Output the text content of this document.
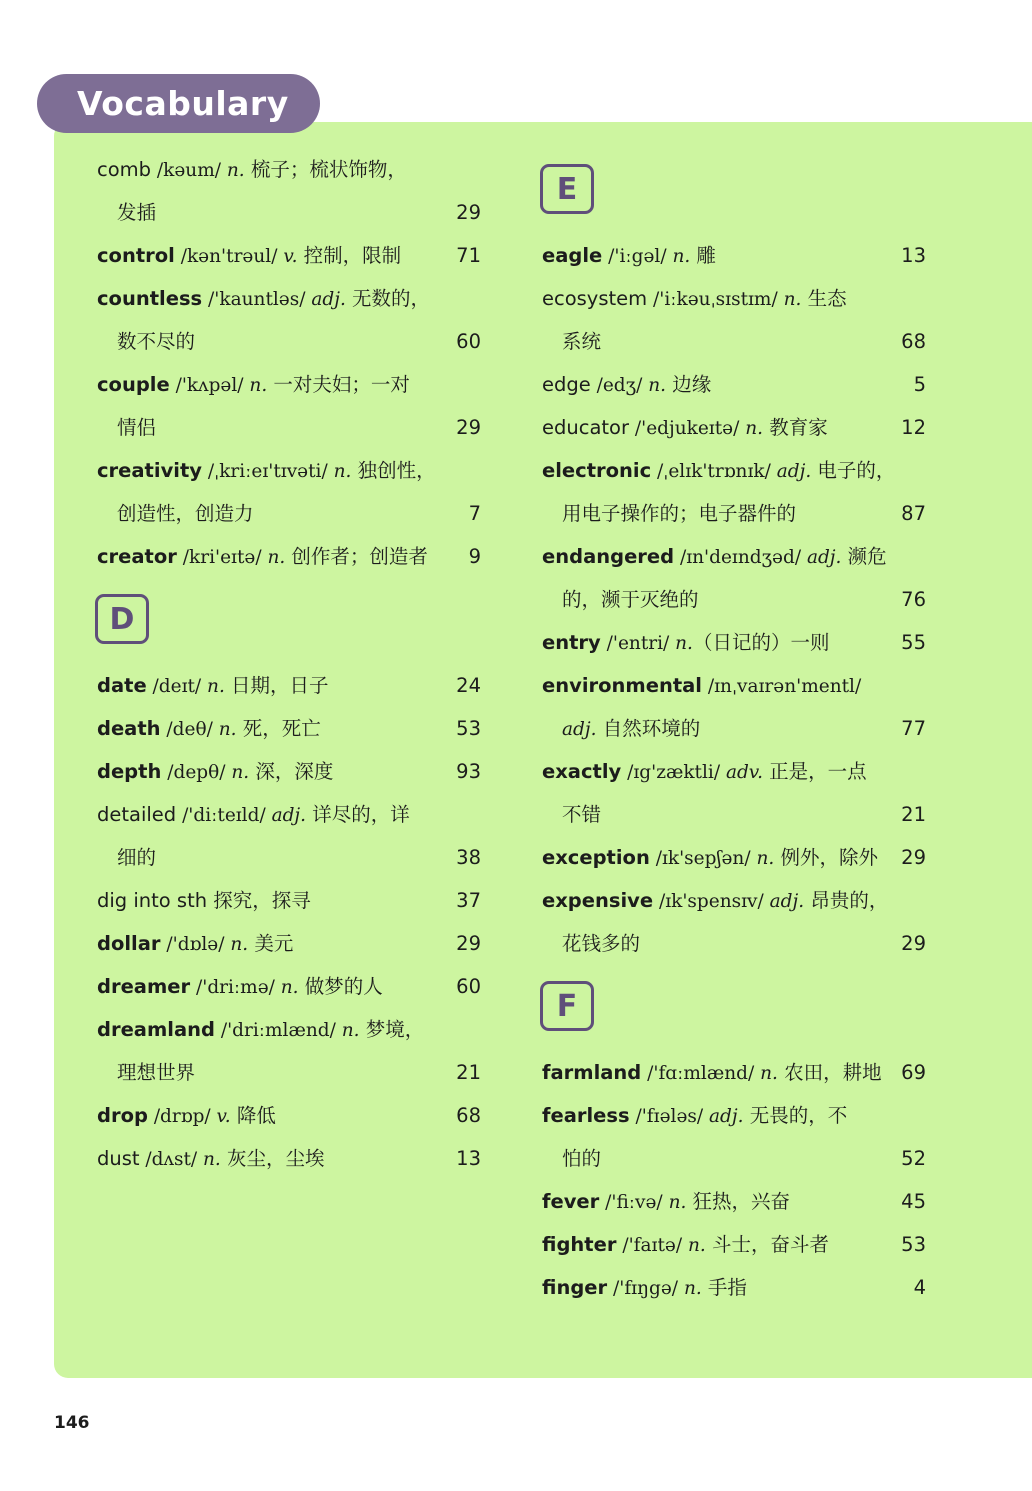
Vocabulary
comb /kəum/ n. 梳子；梳状饰物，
发插	29
control /kən'trəul/ v. 控制，限制	71
countless /'kauntləs/ adj. 无数的，
数不尽的	60
couple /'kʌpəl/ n. 一对夫妇；一对
情侣	29
creativity /ˌkriːeɪ'tɪvəti/ n. 独创性，
创造性，创造力	7
creator /kri'eɪtə/ n. 创作者；创造者 9
D
date /deɪt/ n. 日期，日子	24
death /deθ/ n. 死，死亡	53
depth /depθ/ n. 深，深度	93
detailed /'diːteɪld/ adj. 详尽的，详
细的	38
dig into sth 探究，探寻	37
dollar /'dɒlə/ n. 美元	29
dreamer /'driːmə/ n. 做梦的人	60
dreamland /'driːmlænd/ n. 梦境，
理想世界	21
drop /drɒp/ v. 降低	68
dust /dʌst/ n. 灰尘，尘埃	13
E
eagle /'iːgəl/ n. 雕	13
ecosystem /'iːkəuˌsɪstɪm/ n. 生态
系统	68
edge /edʒ/ n. 边缘	5
educator /'edjukeɪtə/ n. 教育家	12
electronic /ˌelɪk'trɒnɪk/ adj. 电子的，
用电子操作的；电子器件的	87
endangered /ɪn'deɪndʒəd/ adj. 濒危
的，濒于灭绝的	76
entry /'entri/ n.（日记的）一则	55
environmental /ɪnˌvaɪrən'mentl/
adj. 自然环境的	77
exactly /ɪg'zæktli/ adv. 正是，一点
不错	21
exception /ɪk'sepʃən/ n. 例外，除外 29
expensive /ɪk'spensɪv/ adj. 昂贵的，
花钱多的	29
F
farmland /'fɑːmlænd/ n. 农田，耕地 69
fearless /'fɪələs/ adj. 无畏的，不
怕的	52
fever /'fiːvə/ n. 狂热，兴奋	45
fighter /'faɪtə/ n. 斗士，奋斗者	53
finger /'fɪŋgə/ n. 手指	4
146
